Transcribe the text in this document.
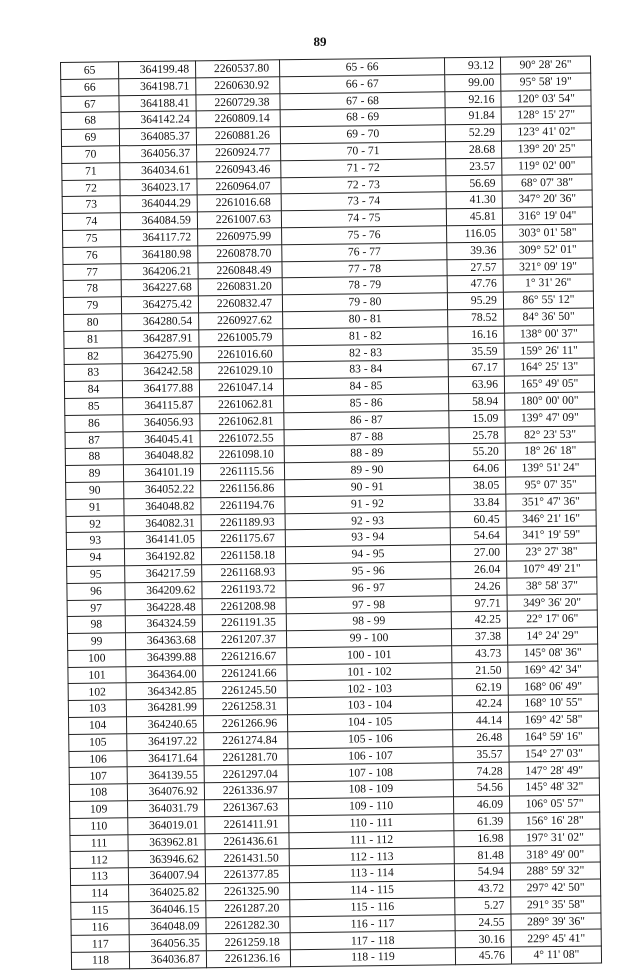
89
65	364199.48	2260537.80	65 - 66	93.12	90° 28' 26"
66	364198.71	2260630.92	66 - 67	99.00	95° 58' 19"
67	364188.41	2260729.38	67 - 68	92.16	120° 03' 54"
68	364142.24	2260809.14	68 - 69	91.84	128° 15' 27"
69	364085.37	2260881.26	69 - 70	52.29	123° 41' 02"
70	364056.37	2260924.77	70 - 71	28.68	139° 20' 25"
71	364034.61	2260943.46	71 - 72	23.57	119° 02' 00"
72	364023.17	2260964.07	72 - 73	56.69	68° 07' 38"
73	364044.29	2261016.68	73 - 74	41.30	347° 20' 36"
74	364084.59	2261007.63	74 - 75	45.81	316° 19' 04"
75	364117.72	2260975.99	75 - 76	116.05	303° 01' 58"
76	364180.98	2260878.70	76 - 77	39.36	309° 52' 01"
77	364206.21	2260848.49	77 - 78	27.57	321° 09' 19"
78	364227.68	2260831.20	78 - 79	47.76	1° 31' 26"
79	364275.42	2260832.47	79 - 80	95.29	86° 55' 12"
80	364280.54	2260927.62	80 - 81	78.52	84° 36' 50"
81	364287.91	2261005.79	81 - 82	16.16	138° 00' 37"
82	364275.90	2261016.60	82 - 83	35.59	159° 26' 11"
83	364242.58	2261029.10	83 - 84	67.17	164° 25' 13"
84	364177.88	2261047.14	84 - 85	63.96	165° 49' 05"
85	364115.87	2261062.81	85 - 86	58.94	180° 00' 00"
86	364056.93	2261062.81	86 - 87	15.09	139° 47' 09"
87	364045.41	2261072.55	87 - 88	25.78	82° 23' 53"
88	364048.82	2261098.10	88 - 89	55.20	18° 26' 18"
89	364101.19	2261115.56	89 - 90	64.06	139° 51' 24"
90	364052.22	2261156.86	90 - 91	38.05	95° 07' 35"
91	364048.82	2261194.76	91 - 92	33.84	351° 47' 36"
92	364082.31	2261189.93	92 - 93	60.45	346° 21' 16"
93	364141.05	2261175.67	93 - 94	54.64	341° 19' 59"
94	364192.82	2261158.18	94 - 95	27.00	23° 27' 38"
95	364217.59	2261168.93	95 - 96	26.04	107° 49' 21"
96	364209.62	2261193.72	96 - 97	24.26	38° 58' 37"
97	364228.48	2261208.98	97 - 98	97.71	349° 36' 20"
98	364324.59	2261191.35	98 - 99	42.25	22° 17' 06"
99	364363.68	2261207.37	99 - 100	37.38	14° 24' 29"
100	364399.88	2261216.67	100 - 101	43.73	145° 08' 36"
101	364364.00	2261241.66	101 - 102	21.50	169° 42' 34"
102	364342.85	2261245.50	102 - 103	62.19	168° 06' 49"
103	364281.99	2261258.31	103 - 104	42.24	168° 10' 55"
104	364240.65	2261266.96	104 - 105	44.14	169° 42' 58"
105	364197.22	2261274.84	105 - 106	26.48	164° 59' 16"
106	364171.64	2261281.70	106 - 107	35.57	154° 27' 03"
107	364139.55	2261297.04	107 - 108	74.28	147° 28' 49"
108	364076.92	2261336.97	108 - 109	54.56	145° 48' 32"
109	364031.79	2261367.63	109 - 110	46.09	106° 05' 57"
110	364019.01	2261411.91	110 - 111	61.39	156° 16' 28"
111	363962.81	2261436.61	111 - 112	16.98	197° 31' 02"
112	363946.62	2261431.50	112 - 113	81.48	318° 49' 00"
113	364007.94	2261377.85	113 - 114	54.94	288° 59' 32"
114	364025.82	2261325.90	114 - 115	43.72	297° 42' 50"
115	364046.15	2261287.20	115 - 116	5.27	291° 35' 58"
116	364048.09	2261282.30	116 - 117	24.55	289° 39' 36"
117	364056.35	2261259.18	117 - 118	30.16	229° 45' 41"
118	364036.87	2261236.16	118 - 119	45.76	4° 11' 08"
